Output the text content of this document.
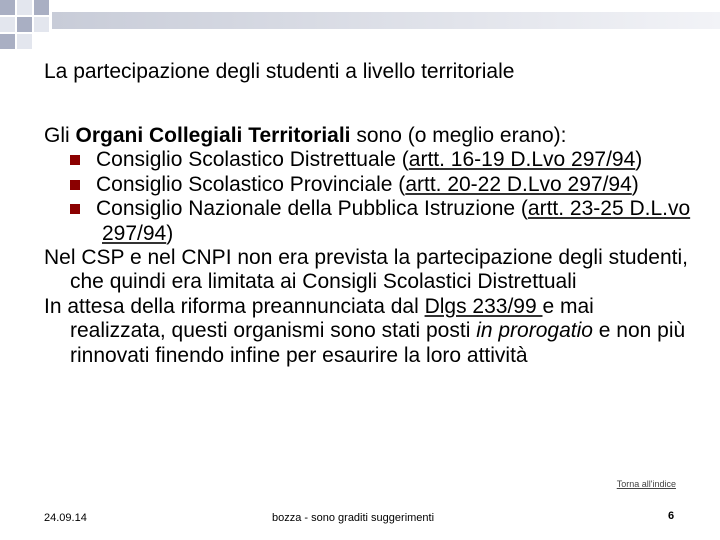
La partecipazione degli studenti a livello territoriale

Gli Organi Collegiali Territoriali sono (o meglio erano):

Consiglio Scolastico Distrettuale (artt. 16-19 D.Lvo 297/94)

Consiglio Scolastico Provinciale (artt. 20-22 D.Lvo 297/94)

Consiglio Nazionale della Pubblica Istruzione (artt. 23-25 D.L.vo 297/94)

Nel CSP e nel CNPI non era prevista la partecipazione degli studenti, che quindi era limitata ai Consigli Scolastici Distrettuali

In attesa della riforma preannunciata dal Dlgs 233/99 e mai realizzata, questi organismi sono stati posti in prorogatio e non più rinnovati finendo infine per esaurire la loro attività

Torna all'indice
24.09.14	bozza - sono graditi suggerimenti	6
